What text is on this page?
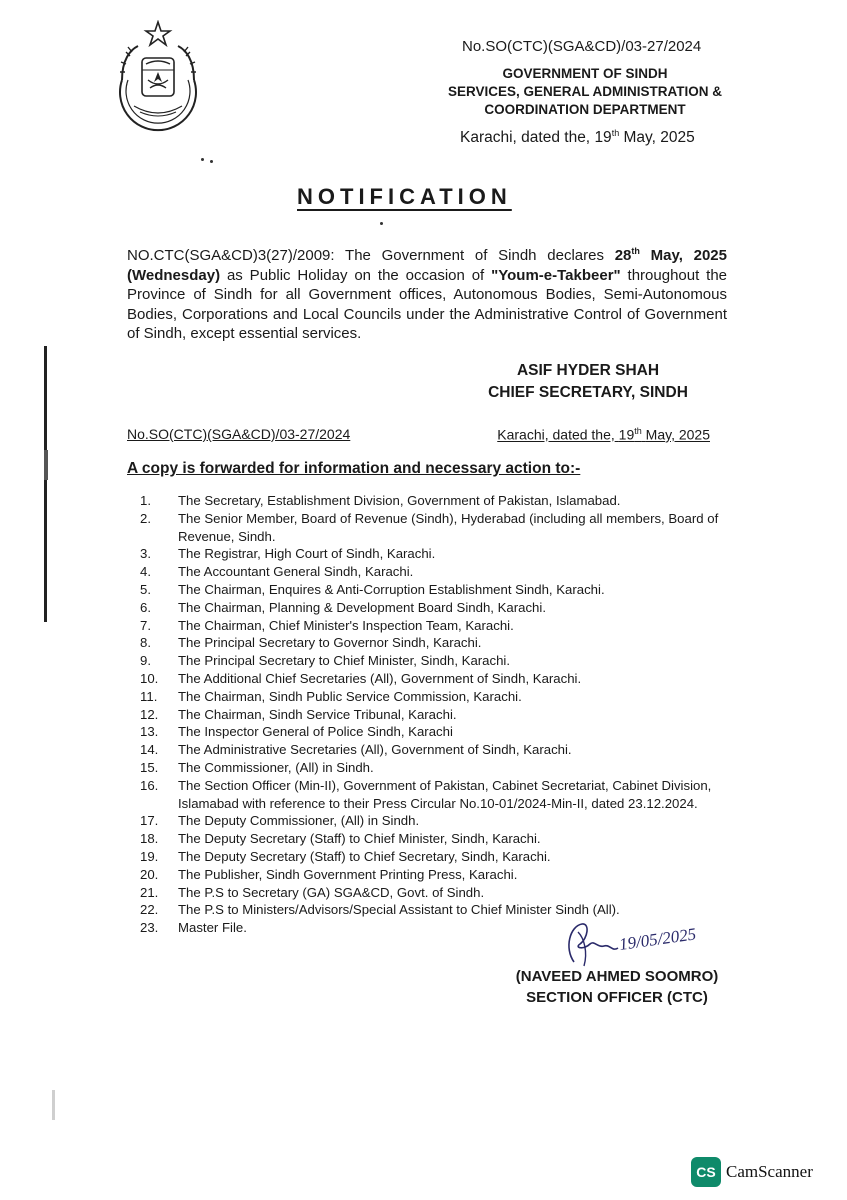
No.SO(CTC)(SGA&CD)/03-27/2024
GOVERNMENT OF SINDH
SERVICES, GENERAL ADMINISTRATION &
COORDINATION DEPARTMENT
Karachi, dated the, 19th May, 2025
NOTIFICATION
NO.CTC(SGA&CD)3(27)/2009: The Government of Sindh declares 28th May, 2025 (Wednesday) as Public Holiday on the occasion of "Youm-e-Takbeer" throughout the Province of Sindh for all Government offices, Autonomous Bodies, Semi-Autonomous Bodies, Corporations and Local Councils under the Administrative Control of Government of Sindh, except essential services.
ASIF HYDER SHAH
CHIEF SECRETARY, SINDH
No.SO(CTC)(SGA&CD)/03-27/2024	Karachi, dated the, 19th May, 2025
A copy is forwarded for information and necessary action to:-
1.	The Secretary, Establishment Division, Government of Pakistan, Islamabad.
2.	The Senior Member, Board of Revenue (Sindh), Hyderabad (including all members, Board of Revenue, Sindh.
3.	The Registrar, High Court of Sindh, Karachi.
4.	The Accountant General Sindh, Karachi.
5.	The Chairman, Enquires & Anti-Corruption Establishment Sindh, Karachi.
6.	The Chairman, Planning & Development Board Sindh, Karachi.
7.	The Chairman, Chief Minister's Inspection Team, Karachi.
8.	The Principal Secretary to Governor Sindh, Karachi.
9.	The Principal Secretary to Chief Minister, Sindh, Karachi.
10.	The Additional Chief Secretaries (All), Government of Sindh, Karachi.
11.	The Chairman, Sindh Public Service Commission, Karachi.
12.	The Chairman, Sindh Service Tribunal, Karachi.
13.	The Inspector General of Police Sindh, Karachi
14.	The Administrative Secretaries (All), Government of Sindh, Karachi.
15.	The Commissioner, (All) in Sindh.
16.	The Section Officer (Min-II), Government of Pakistan, Cabinet Secretariat, Cabinet Division, Islamabad with reference to their Press Circular No.10-01/2024-Min-II, dated 23.12.2024.
17.	The Deputy Commissioner, (All) in Sindh.
18.	The Deputy Secretary (Staff) to Chief Minister, Sindh, Karachi.
19.	The Deputy Secretary (Staff) to Chief Secretary, Sindh, Karachi.
20.	The Publisher, Sindh Government Printing Press, Karachi.
21.	The P.S to Secretary (GA) SGA&CD, Govt. of Sindh.
22.	The P.S to Ministers/Advisors/Special Assistant to Chief Minister Sindh (All).
23.	Master File.	19/05/2025
(NAVEED AHMED SOOMRO)
SECTION OFFICER (CTC)
CS CamScanner
